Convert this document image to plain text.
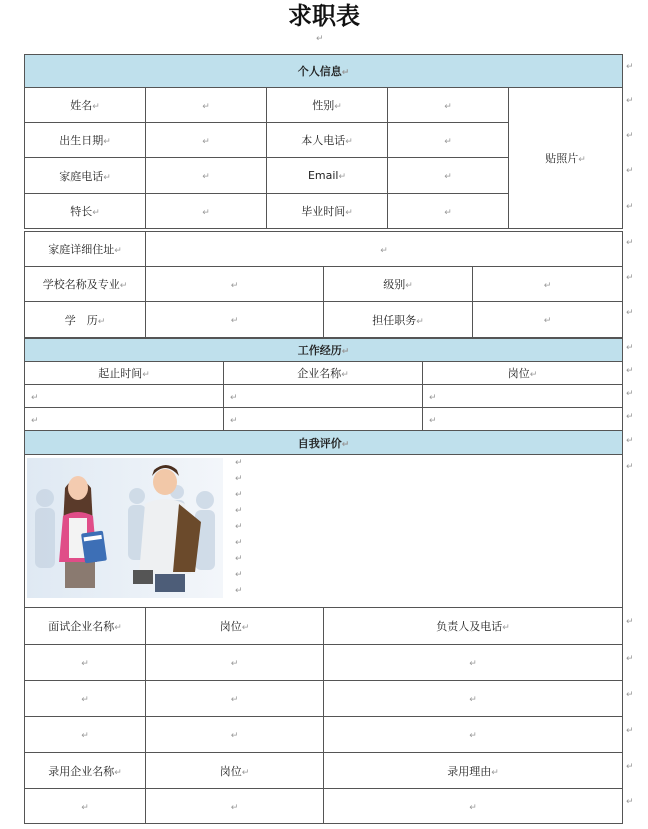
求职表
↵
个人信息↵				
姓名↵	↵	性别↵	↵	贴照片↵
出生日期↵	↵	本人电话↵	↵	
家庭电话↵	↵	Email↵	↵	
特长↵	↵	毕业时间↵	↵	
家庭详细住址↵	↵		
学校名称及专业↵	↵	级别↵	↵
学　历↵	↵	担任职务↵	↵
工作经历↵		
起止时间↵	企业名称↵	岗位↵
↵	↵	↵
↵	↵	↵
自我评价↵

↵
↵
↵
↵
↵
↵
↵
↵
↵
面试企业名称↵	岗位↵	负责人及电话↵
↵	↵	↵
↵	↵	↵
↵	↵	↵
录用企业名称↵	岗位↵	录用理由↵
↵	↵	↵
↵
↵
↵
↵
↵
↵
↵
↵
↵
↵
↵
↵
↵
↵
↵
↵
↵
↵
↵
↵
